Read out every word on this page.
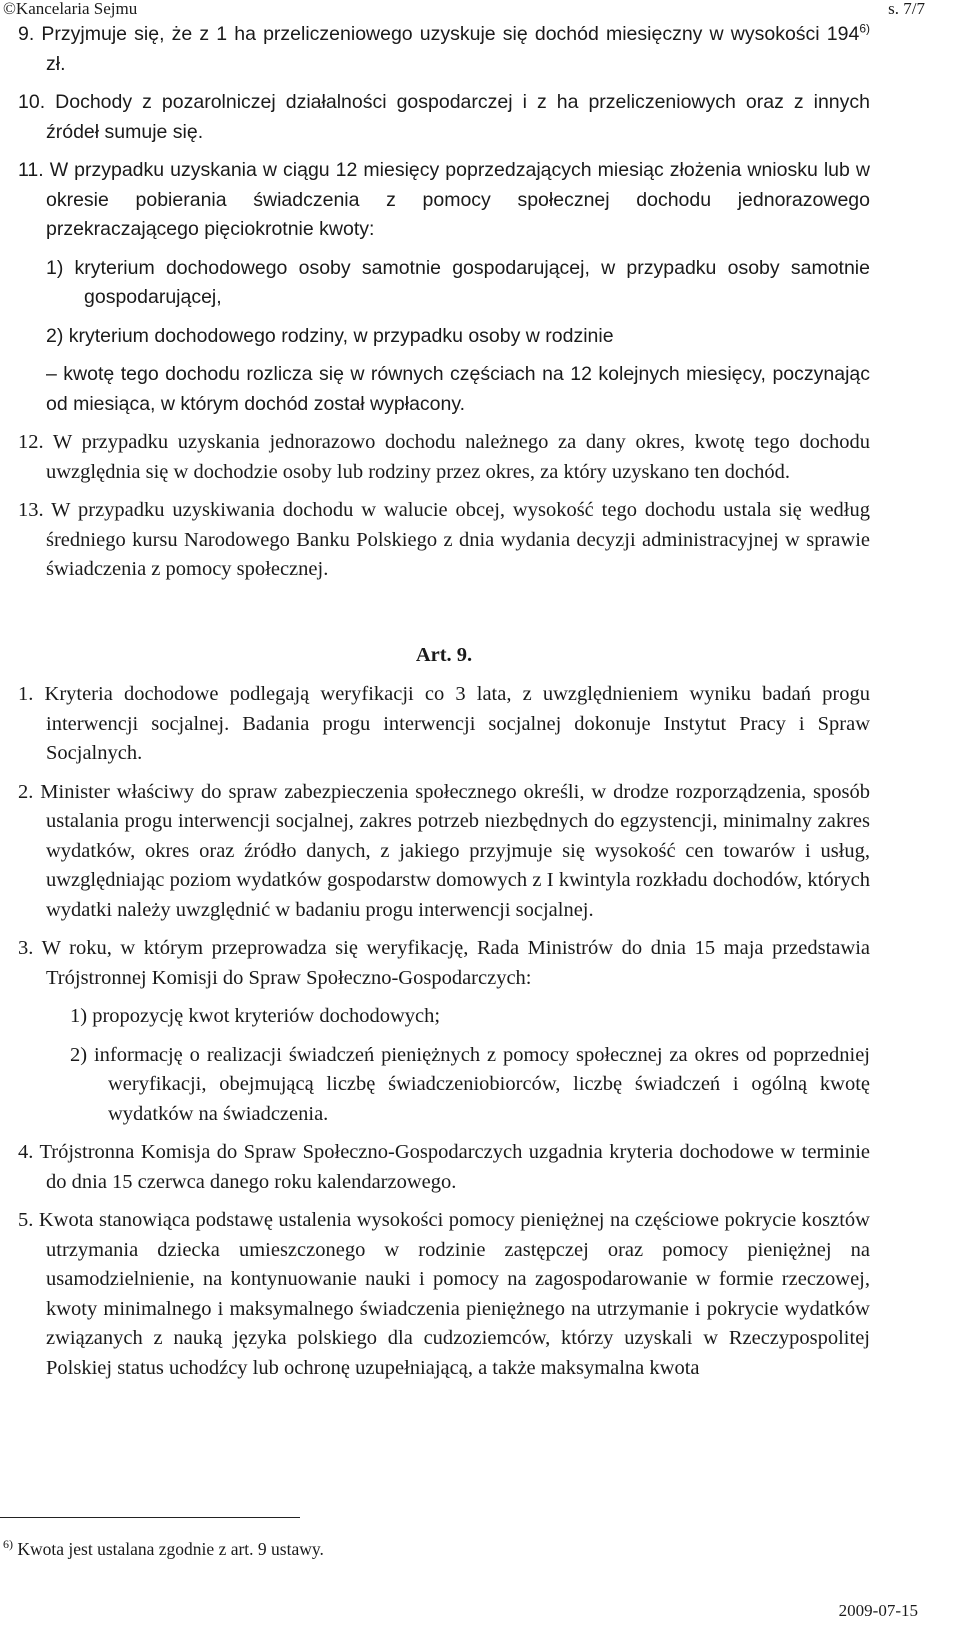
©Kancelaria Sejmu	s. 7/7

9. Przyjmuje się, że z 1 ha przeliczeniowego uzyskuje się dochód miesięczny w wysokości 194$^{6)}$ zł.

10. Dochody z pozarolniczej działalności gospodarczej i z ha przeliczeniowych oraz z innych źródeł sumuje się.

11. W przypadku uzyskania w ciągu 12 miesięcy poprzedzających miesiąc złożenia wniosku lub w okresie pobierania świadczenia z pomocy społecznej dochodu jednorazowego przekraczającego pięciokrotnie kwoty:

1) kryterium dochodowego osoby samotnie gospodarującej, w przypadku osoby samotnie gospodarującej,

2) kryterium dochodowego rodziny, w przypadku osoby w rodzinie

– kwotę tego dochodu rozlicza się w równych częściach na 12 kolejnych miesięcy, poczynając od miesiąca, w którym dochód został wypłacony.

12. W przypadku uzyskania jednorazowo dochodu należnego za dany okres, kwotę tego dochodu uwzględnia się w dochodzie osoby lub rodziny przez okres, za który uzyskano ten dochód.

13. W przypadku uzyskiwania dochodu w walucie obcej, wysokość tego dochodu ustala się według średniego kursu Narodowego Banku Polskiego z dnia wydania decyzji administracyjnej w sprawie świadczenia z pomocy społecznej.

Art. 9.

1. Kryteria dochodowe podlegają weryfikacji co 3 lata, z uwzględnieniem wyniku badań progu interwencji socjalnej. Badania progu interwencji socjalnej dokonuje Instytut Pracy i Spraw Socjalnych.

2. Minister właściwy do spraw zabezpieczenia społecznego określi, w drodze rozporządzenia, sposób ustalania progu interwencji socjalnej, zakres potrzeb niezbędnych do egzystencji, minimalny zakres wydatków, okres oraz źródło danych, z jakiego przyjmuje się wysokość cen towarów i usług, uwzględniając poziom wydatków gospodarstw domowych z I kwintyla rozkładu dochodów, których wydatki należy uwzględnić w badaniu progu interwencji socjalnej.

3. W roku, w którym przeprowadza się weryfikację, Rada Ministrów do dnia 15 maja przedstawia Trójstronnej Komisji do Spraw Społeczno-Gospodarczych:

1) propozycję kwot kryteriów dochodowych;

2) informację o realizacji świadczeń pieniężnych z pomocy społecznej za okres od poprzedniej weryfikacji, obejmującą liczbę świadczeniobiorców, liczbę świadczeń i ogólną kwotę wydatków na świadczenia.

4. Trójstronna Komisja do Spraw Społeczno-Gospodarczych uzgadnia kryteria dochodowe w terminie do dnia 15 czerwca danego roku kalendarzowego.

5. Kwota stanowiąca podstawę ustalenia wysokości pomocy pieniężnej na częściowe pokrycie kosztów utrzymania dziecka umieszczonego w rodzinie zastępczej oraz pomocy pieniężnej na usamodzielnienie, na kontynuowanie nauki i pomocy na zagospodarowanie w formie rzeczowej, kwoty minimalnego i maksymalnego świadczenia pieniężnego na utrzymanie i pokrycie wydatków związanych z nauką języka polskiego dla cudzoziemców, którzy uzyskali w Rzeczypospolitej Polskiej status uchodźcy lub ochronę uzupełniającą, a także maksymalna kwota

$^{6)}$ Kwota jest ustalana zgodnie z art. 9 ustawy.
2009-07-15
